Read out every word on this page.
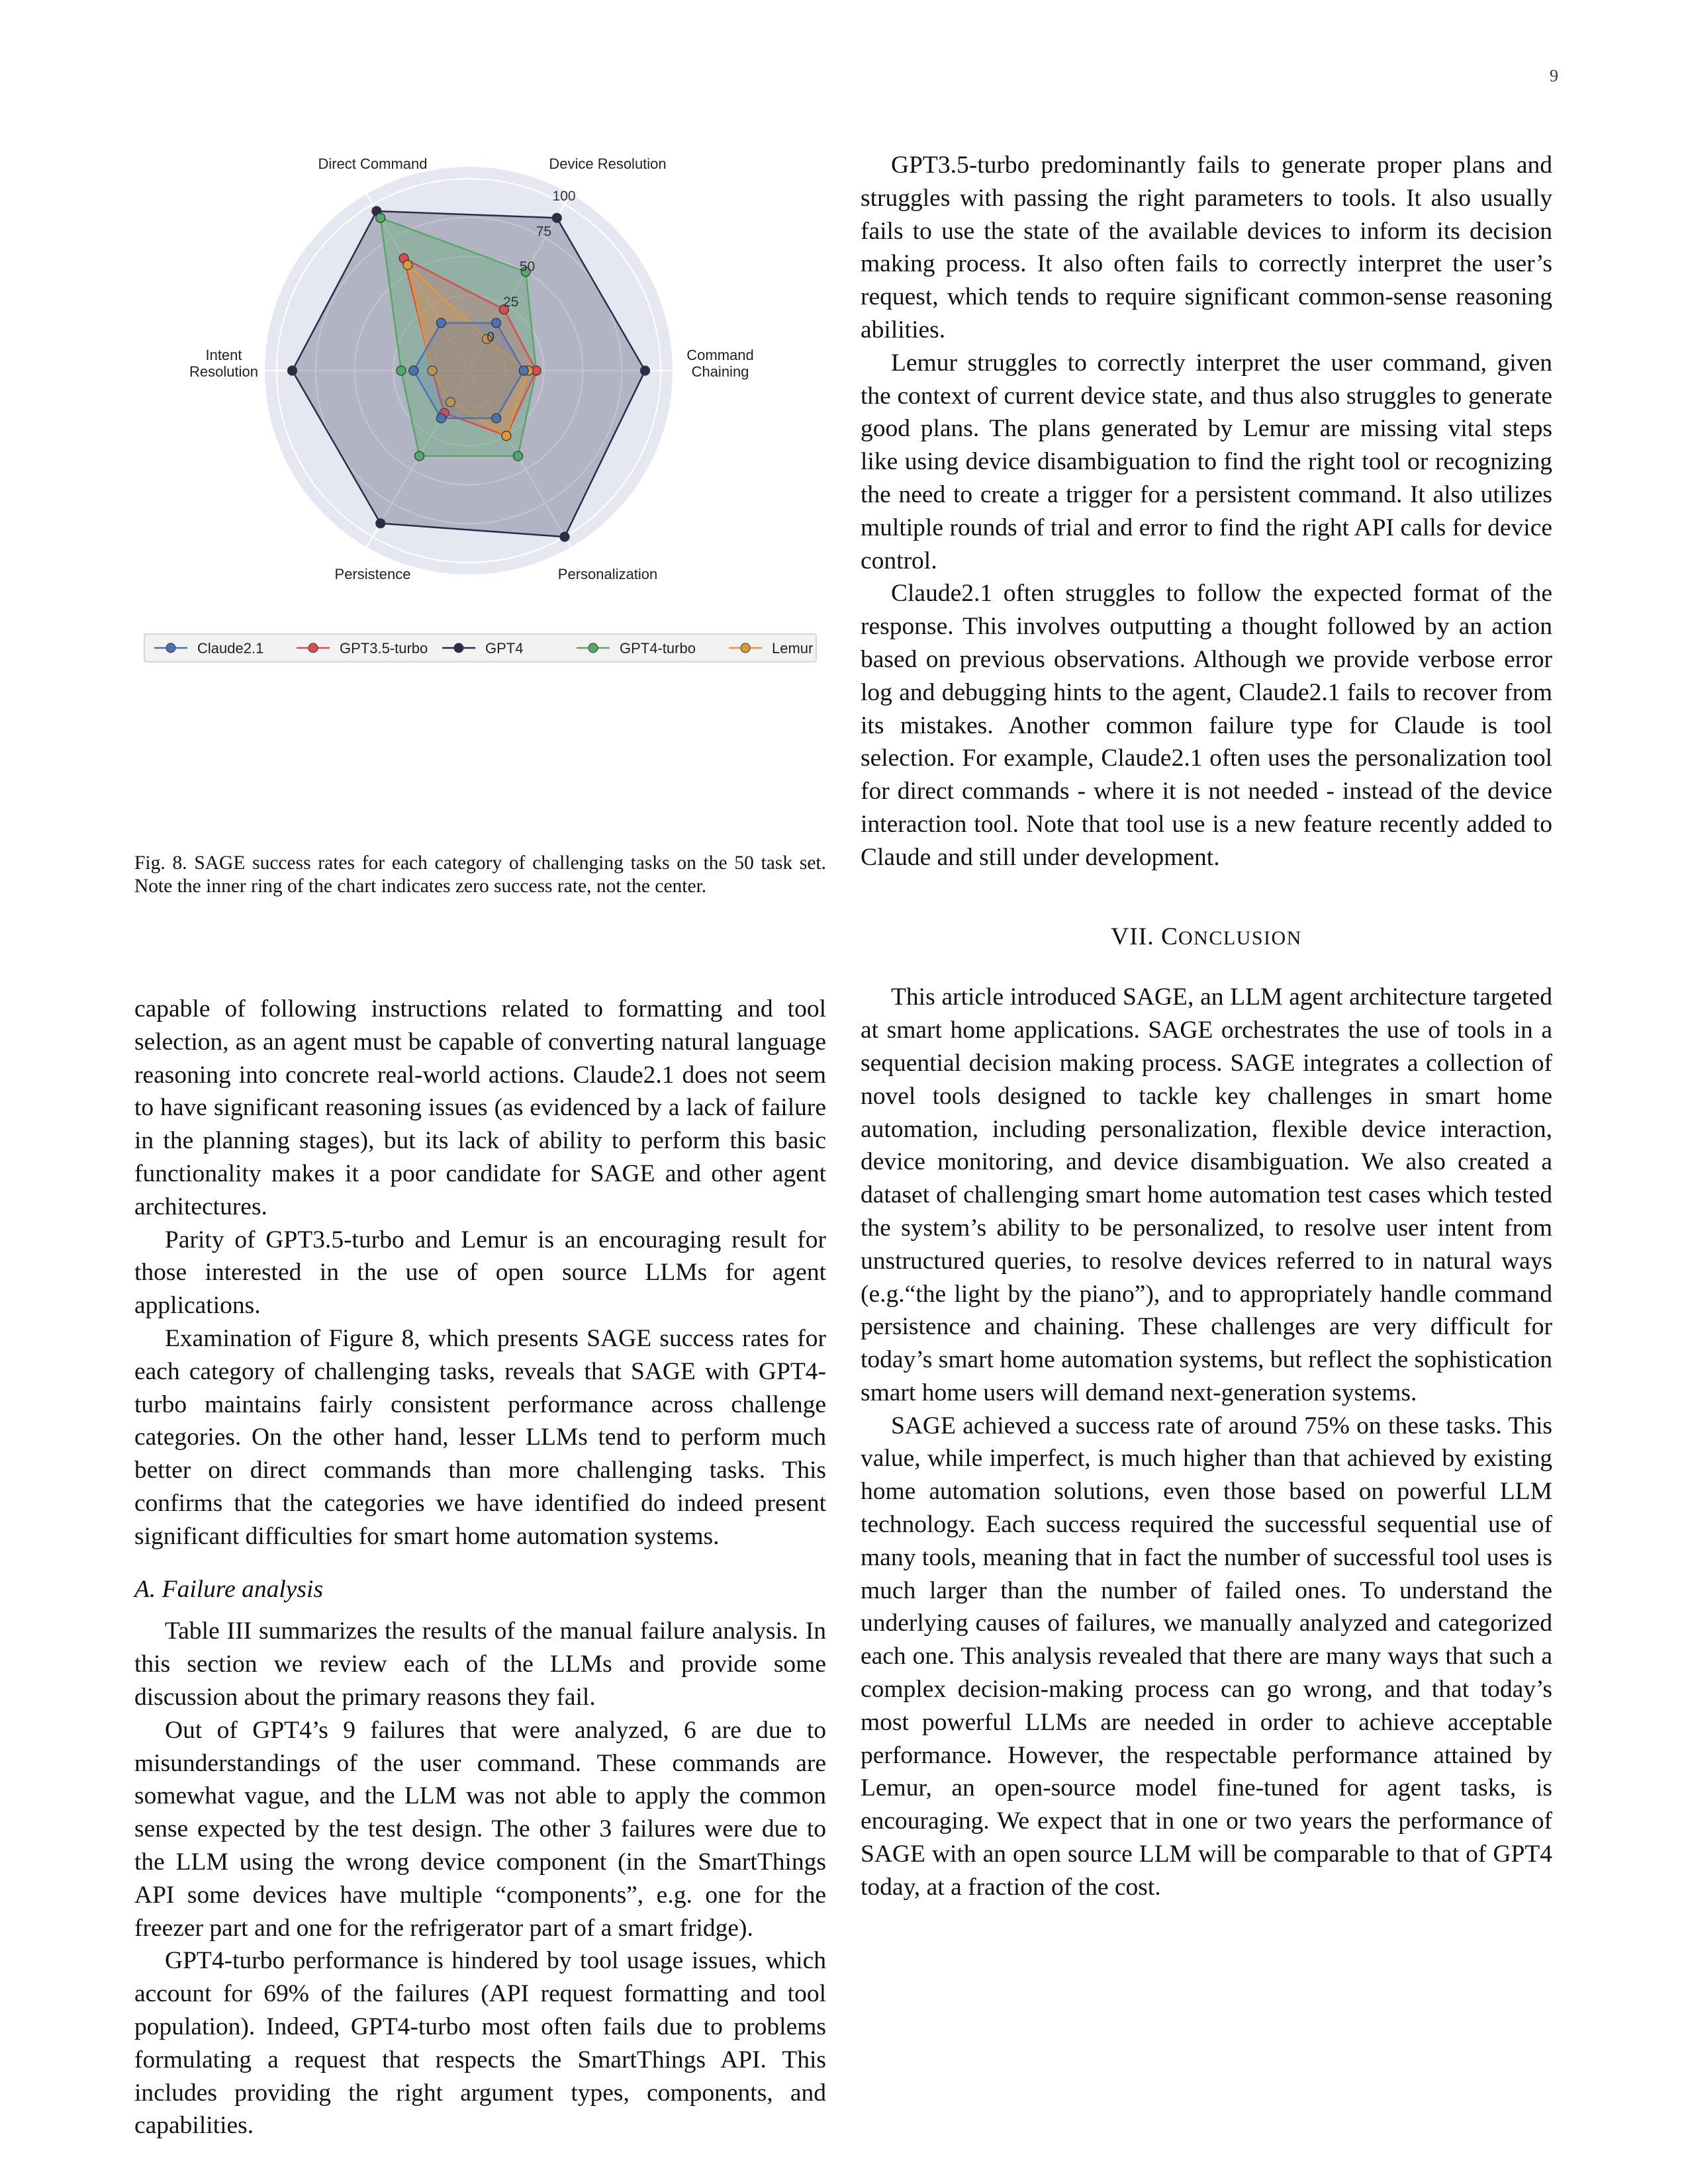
9
0
25
50
75
100
Direct Command	Device Resolution
Command
Chaining
Personalization
Persistence
Intent
Resolution
Claude2.1	GPT3.5-turbo	GPT4	GPT4-turbo	Lemur
Fig. 8. SAGE success rates for each category of challenging tasks on the 50 task set. Note the inner ring of the chart indicates zero success rate, not the center.

capable of following instructions related to formatting and tool selection, as an agent must be capable of converting natural language reasoning into concrete real-world actions. Claude2.1 does not seem to have significant reasoning issues (as evidenced by a lack of failure in the planning stages), but its lack of ability to perform this basic functionality makes it a poor candidate for SAGE and other agent architectures.

Parity of GPT3.5-turbo and Lemur is an encouraging result for those interested in the use of open source LLMs for agent applications.

Examination of Figure 8, which presents SAGE success rates for each category of challenging tasks, reveals that SAGE with GPT4-turbo maintains fairly consistent performance across challenge categories. On the other hand, lesser LLMs tend to perform much better on direct commands than more challenging tasks. This confirms that the categories we have identified do indeed present significant difficulties for smart home automation systems.

A. Failure analysis

Table III summarizes the results of the manual failure analysis. In this section we review each of the LLMs and provide some discussion about the primary reasons they fail.

Out of GPT4’s 9 failures that were analyzed, 6 are due to misunderstandings of the user command. These commands are somewhat vague, and the LLM was not able to apply the common sense expected by the test design. The other 3 failures were due to the LLM using the wrong device component (in the SmartThings API some devices have multiple “components”, e.g. one for the freezer part and one for the refrigerator part of a smart fridge).

GPT4-turbo performance is hindered by tool usage issues, which account for 69% of the failures (API request formatting and tool population). Indeed, GPT4-turbo most often fails due to problems formulating a request that respects the SmartThings API. This includes providing the right argument types, components, and capabilities.

GPT3.5-turbo predominantly fails to generate proper plans and struggles with passing the right parameters to tools. It also usually fails to use the state of the available devices to inform its decision making process. It also often fails to correctly interpret the user’s request, which tends to require significant common-sense reasoning abilities.

Lemur struggles to correctly interpret the user command, given the context of current device state, and thus also struggles to generate good plans. The plans generated by Lemur are missing vital steps like using device disambiguation to find the right tool or recognizing the need to create a trigger for a persistent command. It also utilizes multiple rounds of trial and error to find the right API calls for device control.

Claude2.1 often struggles to follow the expected format of the response. This involves outputting a thought followed by an action based on previous observations. Although we provide verbose error log and debugging hints to the agent, Claude2.1 fails to recover from its mistakes. Another common failure type for Claude is tool selection. For example, Claude2.1 often uses the personalization tool for direct commands - where it is not needed - instead of the device interaction tool. Note that tool use is a new feature recently added to Claude and still under development.

VII. CONCLUSION

This article introduced SAGE, an LLM agent architecture targeted at smart home applications. SAGE orchestrates the use of tools in a sequential decision making process. SAGE integrates a collection of novel tools designed to tackle key challenges in smart home automation, including personalization, flexible device interaction, device monitoring, and device disambiguation. We also created a dataset of challenging smart home automation test cases which tested the system’s ability to be personalized, to resolve user intent from unstructured queries, to resolve devices referred to in natural ways (e.g.“the light by the piano”), and to appropriately handle command persistence and chaining. These challenges are very difficult for today’s smart home automation systems, but reflect the sophistication smart home users will demand next-generation systems.

SAGE achieved a success rate of around 75% on these tasks. This value, while imperfect, is much higher than that achieved by existing home automation solutions, even those based on powerful LLM technology. Each success required the successful sequential use of many tools, meaning that in fact the number of successful tool uses is much larger than the number of failed ones. To understand the underlying causes of failures, we manually analyzed and categorized each one. This analysis revealed that there are many ways that such a complex decision-making process can go wrong, and that today’s most powerful LLMs are needed in order to achieve acceptable performance. However, the respectable performance attained by Lemur, an open-source model fine-tuned for agent tasks, is encouraging. We expect that in one or two years the performance of SAGE with an open source LLM will be comparable to that of GPT4 today, at a fraction of the cost.
